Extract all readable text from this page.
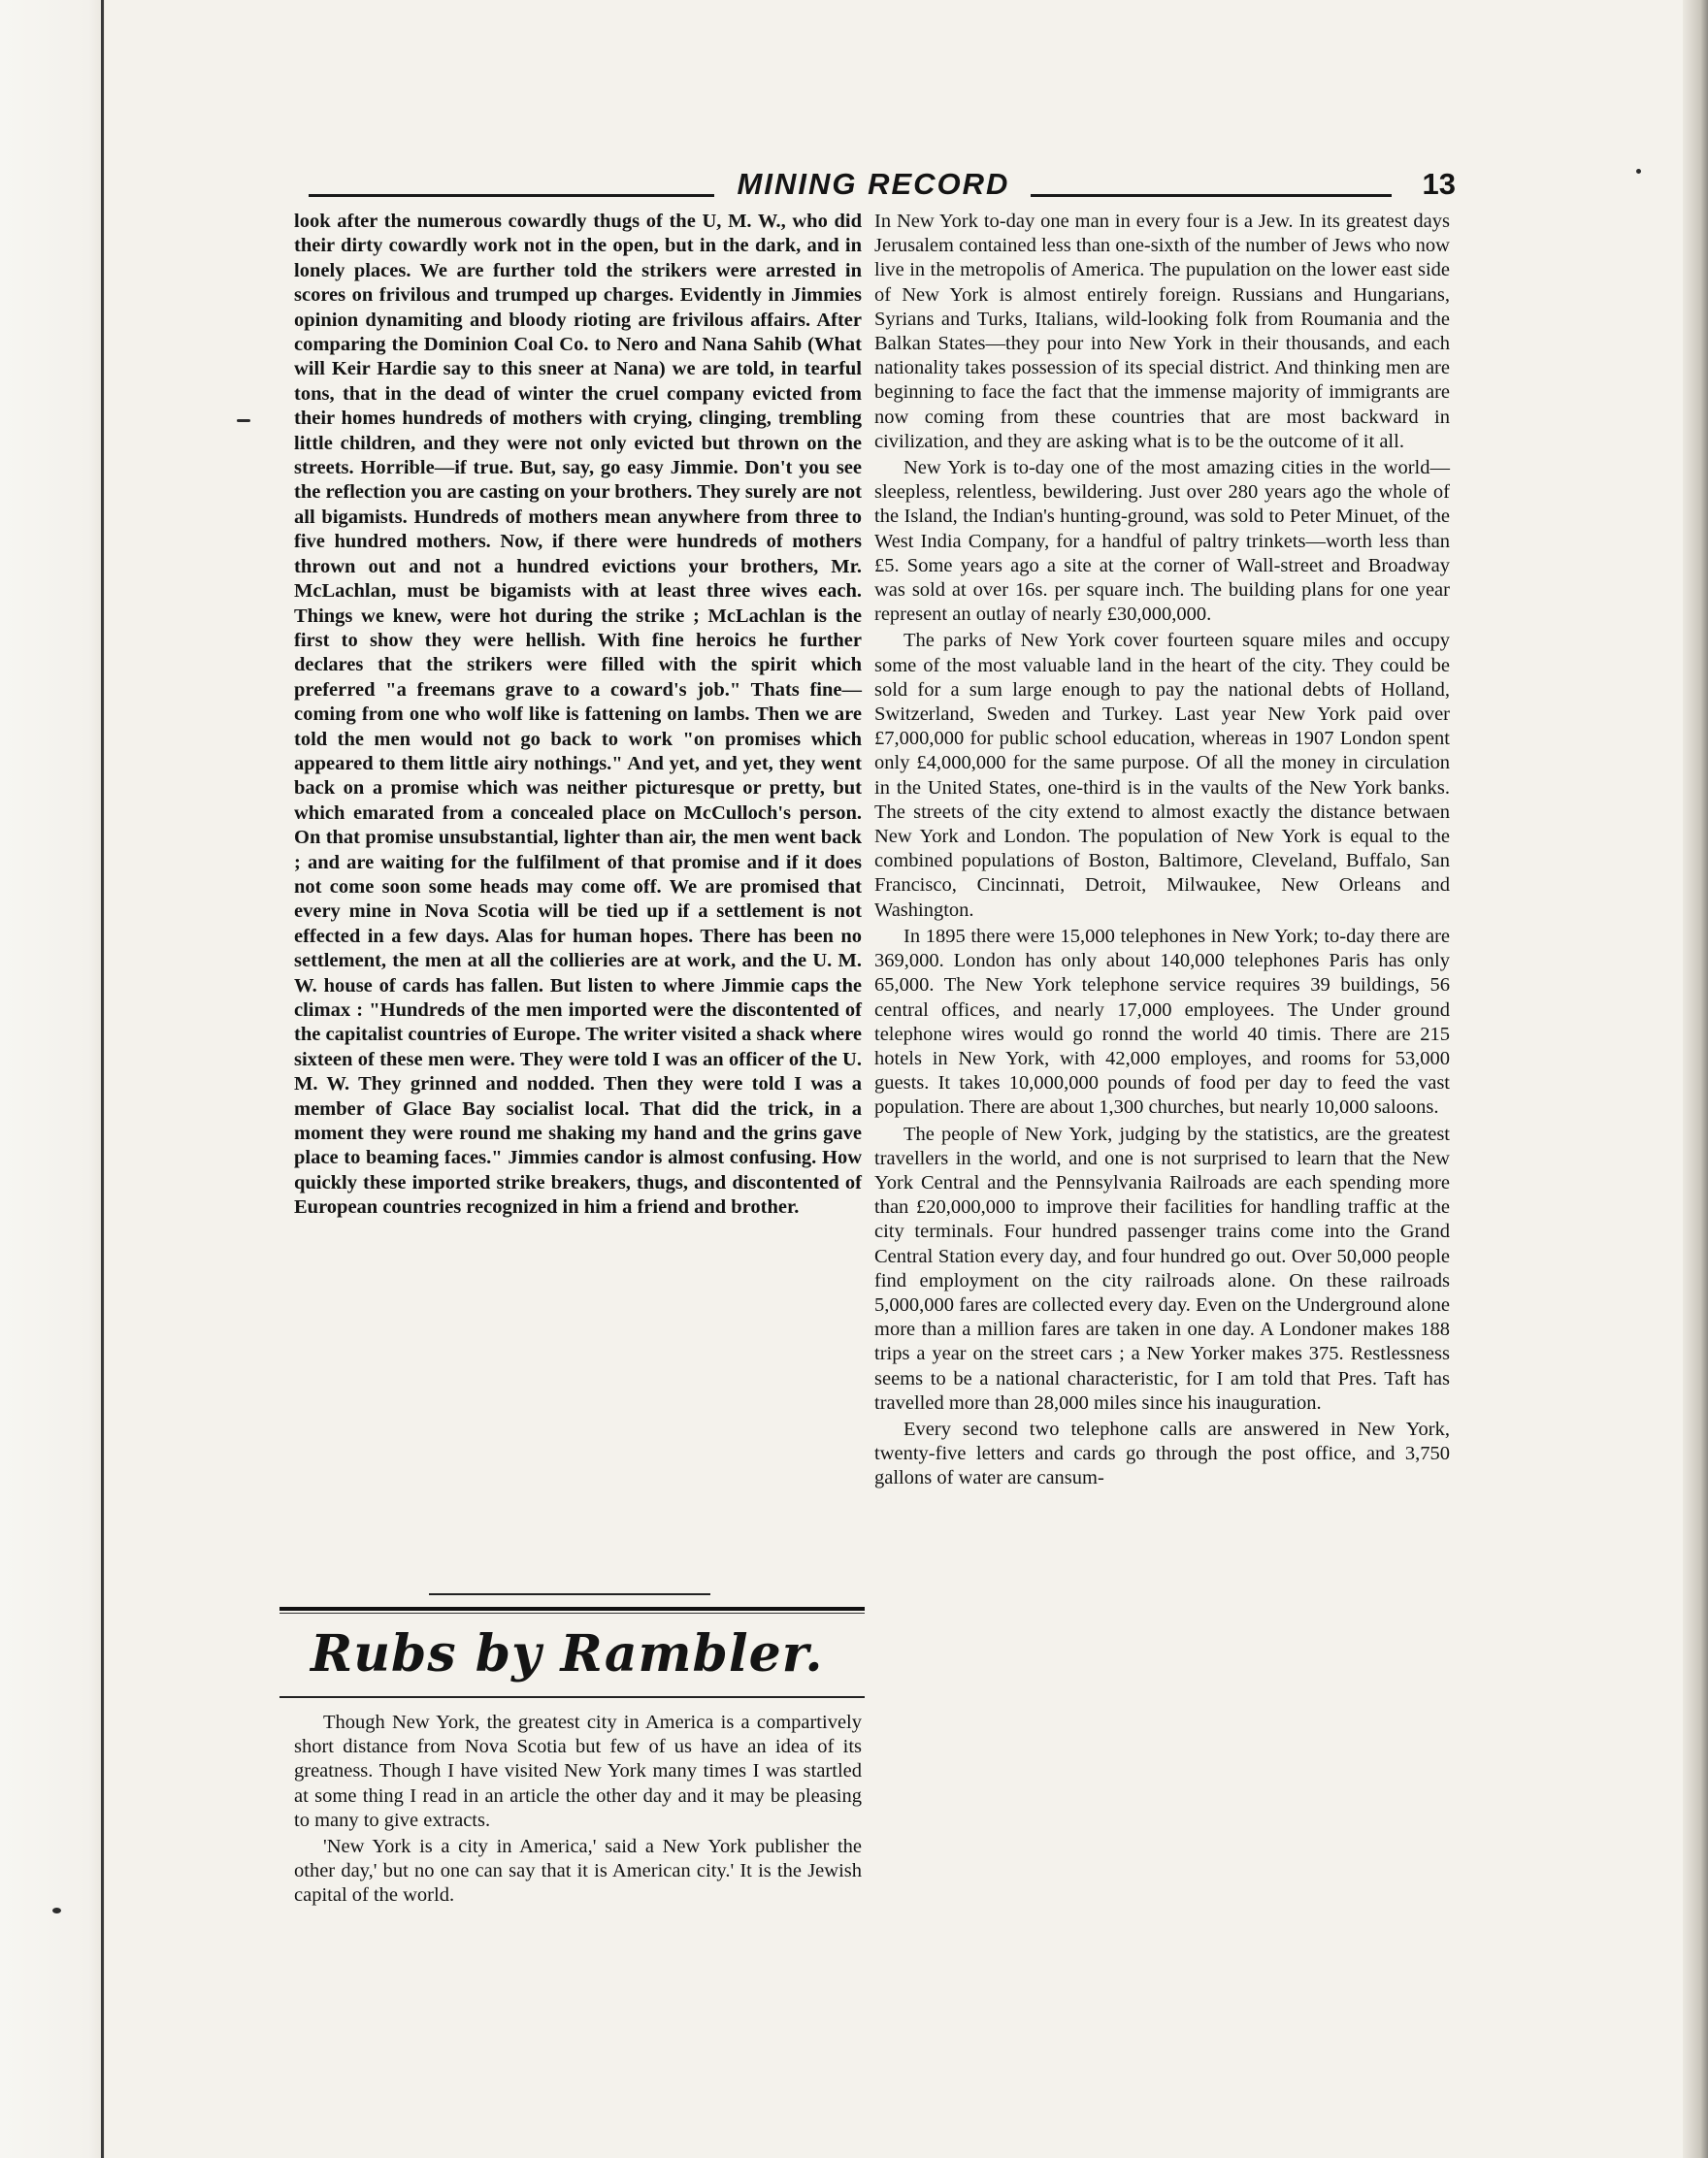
MINING RECORD	13

look after the numerous cowardly thugs of the U, M. W., who did their dirty cowardly work not in the open, but in the dark, and in lonely places. We are further told the strikers were arrested in scores on frivilous and trumped up charges. Evidently in Jimmies opinion dynamiting and bloody rioting are frivilous affairs. After comparing the Dominion Coal Co. to Nero and Nana Sahib (What will Keir Hardie say to this sneer at Nana) we are told, in tearful tons, that in the dead of winter the cruel company evicted from their homes hundreds of mothers with crying, clinging, trembling little children, and they were not only evicted but thrown on the streets. Horrible—if true. But, say, go easy Jimmie. Don't you see the reflection you are casting on your brothers. They surely are not all bigamists. Hundreds of mothers mean anywhere from three to five hundred mothers. Now, if there were hundreds of mothers thrown out and not a hundred evictions your brothers, Mr. McLachlan, must be bigamists with at least three wives each. Things we knew, were hot during the strike ; McLachlan is the first to show they were hellish. With fine heroics he further declares that the strikers were filled with the spirit which preferred "a freemans grave to a coward's job." Thats fine—coming from one who wolf like is fattening on lambs. Then we are told the men would not go back to work "on promises which appeared to them little airy nothings." And yet, and yet, they went back on a promise which was neither picturesque or pretty, but which emarated from a concealed place on McCulloch's person. On that promise unsubstantial, lighter than air, the men went back ; and are waiting for the fulfilment of that promise and if it does not come soon some heads may come off. We are promised that every mine in Nova Scotia will be tied up if a settlement is not effected in a few days. Alas for human hopes. There has been no settlement, the men at all the collieries are at work, and the U. M. W. house of cards has fallen. But listen to where Jimmie caps the climax : "Hundreds of the men imported were the discontented of the capitalist countries of Europe. The writer visited a shack where sixteen of these men were. They were told I was an officer of the U. M. W. They grinned and nodded. Then they were told I was a member of Glace Bay socialist local. That did the trick, in a moment they were round me shaking my hand and the grins gave place to beaming faces." Jimmies candor is almost confusing. How quickly these imported strike breakers, thugs, and discontented of European countries recognized in him a friend and brother.

Rubs by Rambler.

Though New York, the greatest city in America is a compartively short distance from Nova Scotia but few of us have an idea of its greatness. Though I have visited New York many times I was startled at some thing I read in an article the other day and it may be pleasing to many to give extracts.

'New York is a city in America,' said a New York publisher the other day,' but no one can say that it is American city.' It is the Jewish capital of the world.

In New York to-day one man in every four is a Jew. In its greatest days Jerusalem contained less than one-sixth of the number of Jews who now live in the metropolis of America. The pupulation on the lower east side of New York is almost entirely foreign. Russians and Hungarians, Syrians and Turks, Italians, wild-looking folk from Roumania and the Balkan States—they pour into New York in their thousands, and each nationality takes possession of its special district. And thinking men are beginning to face the fact that the immense majority of immigrants are now coming from these countries that are most backward in civilization, and they are asking what is to be the outcome of it all.

New York is to-day one of the most amazing cities in the world—sleepless, relentless, bewildering. Just over 280 years ago the whole of the Island, the Indian's hunting-ground, was sold to Peter Minuet, of the West India Company, for a handful of paltry trinkets—worth less than £5. Some years ago a site at the corner of Wall-street and Broadway was sold at over 16s. per square inch. The building plans for one year represent an outlay of nearly £30,000,000.

The parks of New York cover fourteen square miles and occupy some of the most valuable land in the heart of the city. They could be sold for a sum large enough to pay the national debts of Holland, Switzerland, Sweden and Turkey. Last year New York paid over £7,000,000 for public school education, whereas in 1907 London spent only £4,000,000 for the same purpose. Of all the money in circulation in the United States, one-third is in the vaults of the New York banks. The streets of the city extend to almost exactly the distance betwaen New York and London. The population of New York is equal to the combined populations of Boston, Baltimore, Cleveland, Buffalo, San Francisco, Cincinnati, Detroit, Milwaukee, New Orleans and Washington.

In 1895 there were 15,000 telephones in New York; to-day there are 369,000. London has only about 140,000 telephones Paris has only 65,000. The New York telephone service requires 39 buildings, 56 central offices, and nearly 17,000 employees. The Under ground telephone wires would go ronnd the world 40 timis. There are 215 hotels in New York, with 42,000 employes, and rooms for 53,000 guests. It takes 10,000,000 pounds of food per day to feed the vast population. There are about 1,300 churches, but nearly 10,000 saloons.

The people of New York, judging by the statistics, are the greatest travellers in the world, and one is not surprised to learn that the New York Central and the Pennsylvania Railroads are each spending more than £20,000,000 to improve their facilities for handling traffic at the city terminals. Four hundred passenger trains come into the Grand Central Station every day, and four hundred go out. Over 50,000 people find employment on the city railroads alone. On these railroads 5,000,000 fares are collected every day. Even on the Underground alone more than a million fares are taken in one day. A Londoner makes 188 trips a year on the street cars ; a New Yorker makes 375. Restlessness seems to be a national characteristic, for I am told that Pres. Taft has travelled more than 28,000 miles since his inauguration.

Every second two telephone calls are answered in New York, twenty-five letters and cards go through the post office, and 3,750 gallons of water are cansum-
